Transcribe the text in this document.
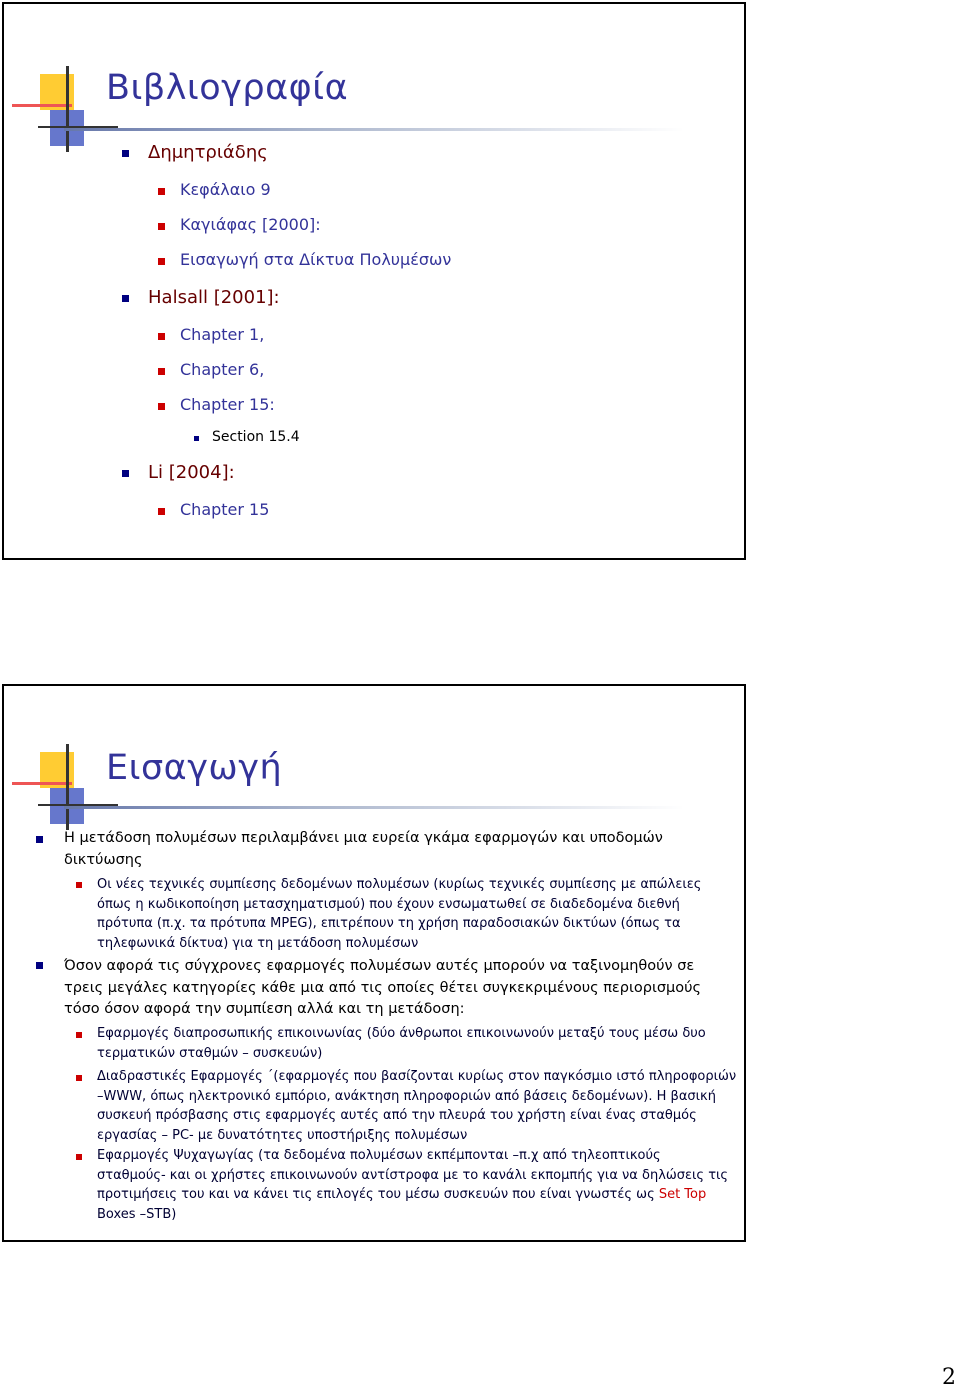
Βιβλιογραφία
Δημητριάδης
Κεφάλαιο 9
Καγιάφας [2000]:
Εισαγωγή στα Δίκτυα Πολυμέσων
Halsall [2001]:
Chapter 1,
Chapter 6,
Chapter 15:
Section 15.4
Li [2004]:
Chapter 15
Εισαγωγή
Η μετάδοση πολυμέσων περιλαμβάνει μια ευρεία γκάμα εφαρμογών και υποδομών
δικτύωσης
Οι νέες τεχνικές συμπίεσης δεδομένων πολυμέσων (κυρίως τεχνικές συμπίεσης με απώλειες
όπως η κωδικοποίηση μετασχηματισμού) που έχουν ενσωματωθεί σε διαδεδομένα διεθνή
πρότυπα (π.χ. τα πρότυπα MPEG), επιτρέπουν τη χρήση παραδοσιακών δικτύων (όπως τα
τηλεφωνικά δίκτυα) για τη μετάδοση πολυμέσων
Όσον αφορά τις σύγχρονες εφαρμογές πολυμέσων αυτές μπορούν να ταξινομηθούν σε
τρεις μεγάλες κατηγορίες κάθε μια από τις οποίες θέτει συγκεκριμένους περιορισμούς
τόσο όσον αφορά την συμπίεση αλλά και τη μετάδοση:
Εφαρμογές διαπροσωπικής επικοινωνίας (δύο άνθρωποι επικοινωνούν μεταξύ τους μέσω δυο
τερματικών σταθμών – συσκευών)
Διαδραστικές Εφαρμογές ΄(εφαρμογές που βασίζονται κυρίως στον παγκόσμιο ιστό πληροφοριών
–WWW, όπως ηλεκτρονικό εμπόριο, ανάκτηση πληροφοριών από βάσεις δεδομένων). Η βασική
συσκευή πρόσβασης στις εφαρμογές αυτές από την πλευρά του χρήστη είναι ένας σταθμός
εργασίας – PC- με δυνατότητες υποστήριξης πολυμέσων
Εφαρμογές Ψυχαγωγίας (τα δεδομένα πολυμέσων εκπέμπονται –π.χ από τηλεοπτικούς
σταθμούς- και οι χρήστες επικοινωνούν αντίστροφα με το κανάλι εκπομπής για να δηλώσεις τις
προτιμήσεις του και να κάνει τις επιλογές του μέσω συσκευών που είναι γνωστές ως Set Top
Boxes –STB)
2
